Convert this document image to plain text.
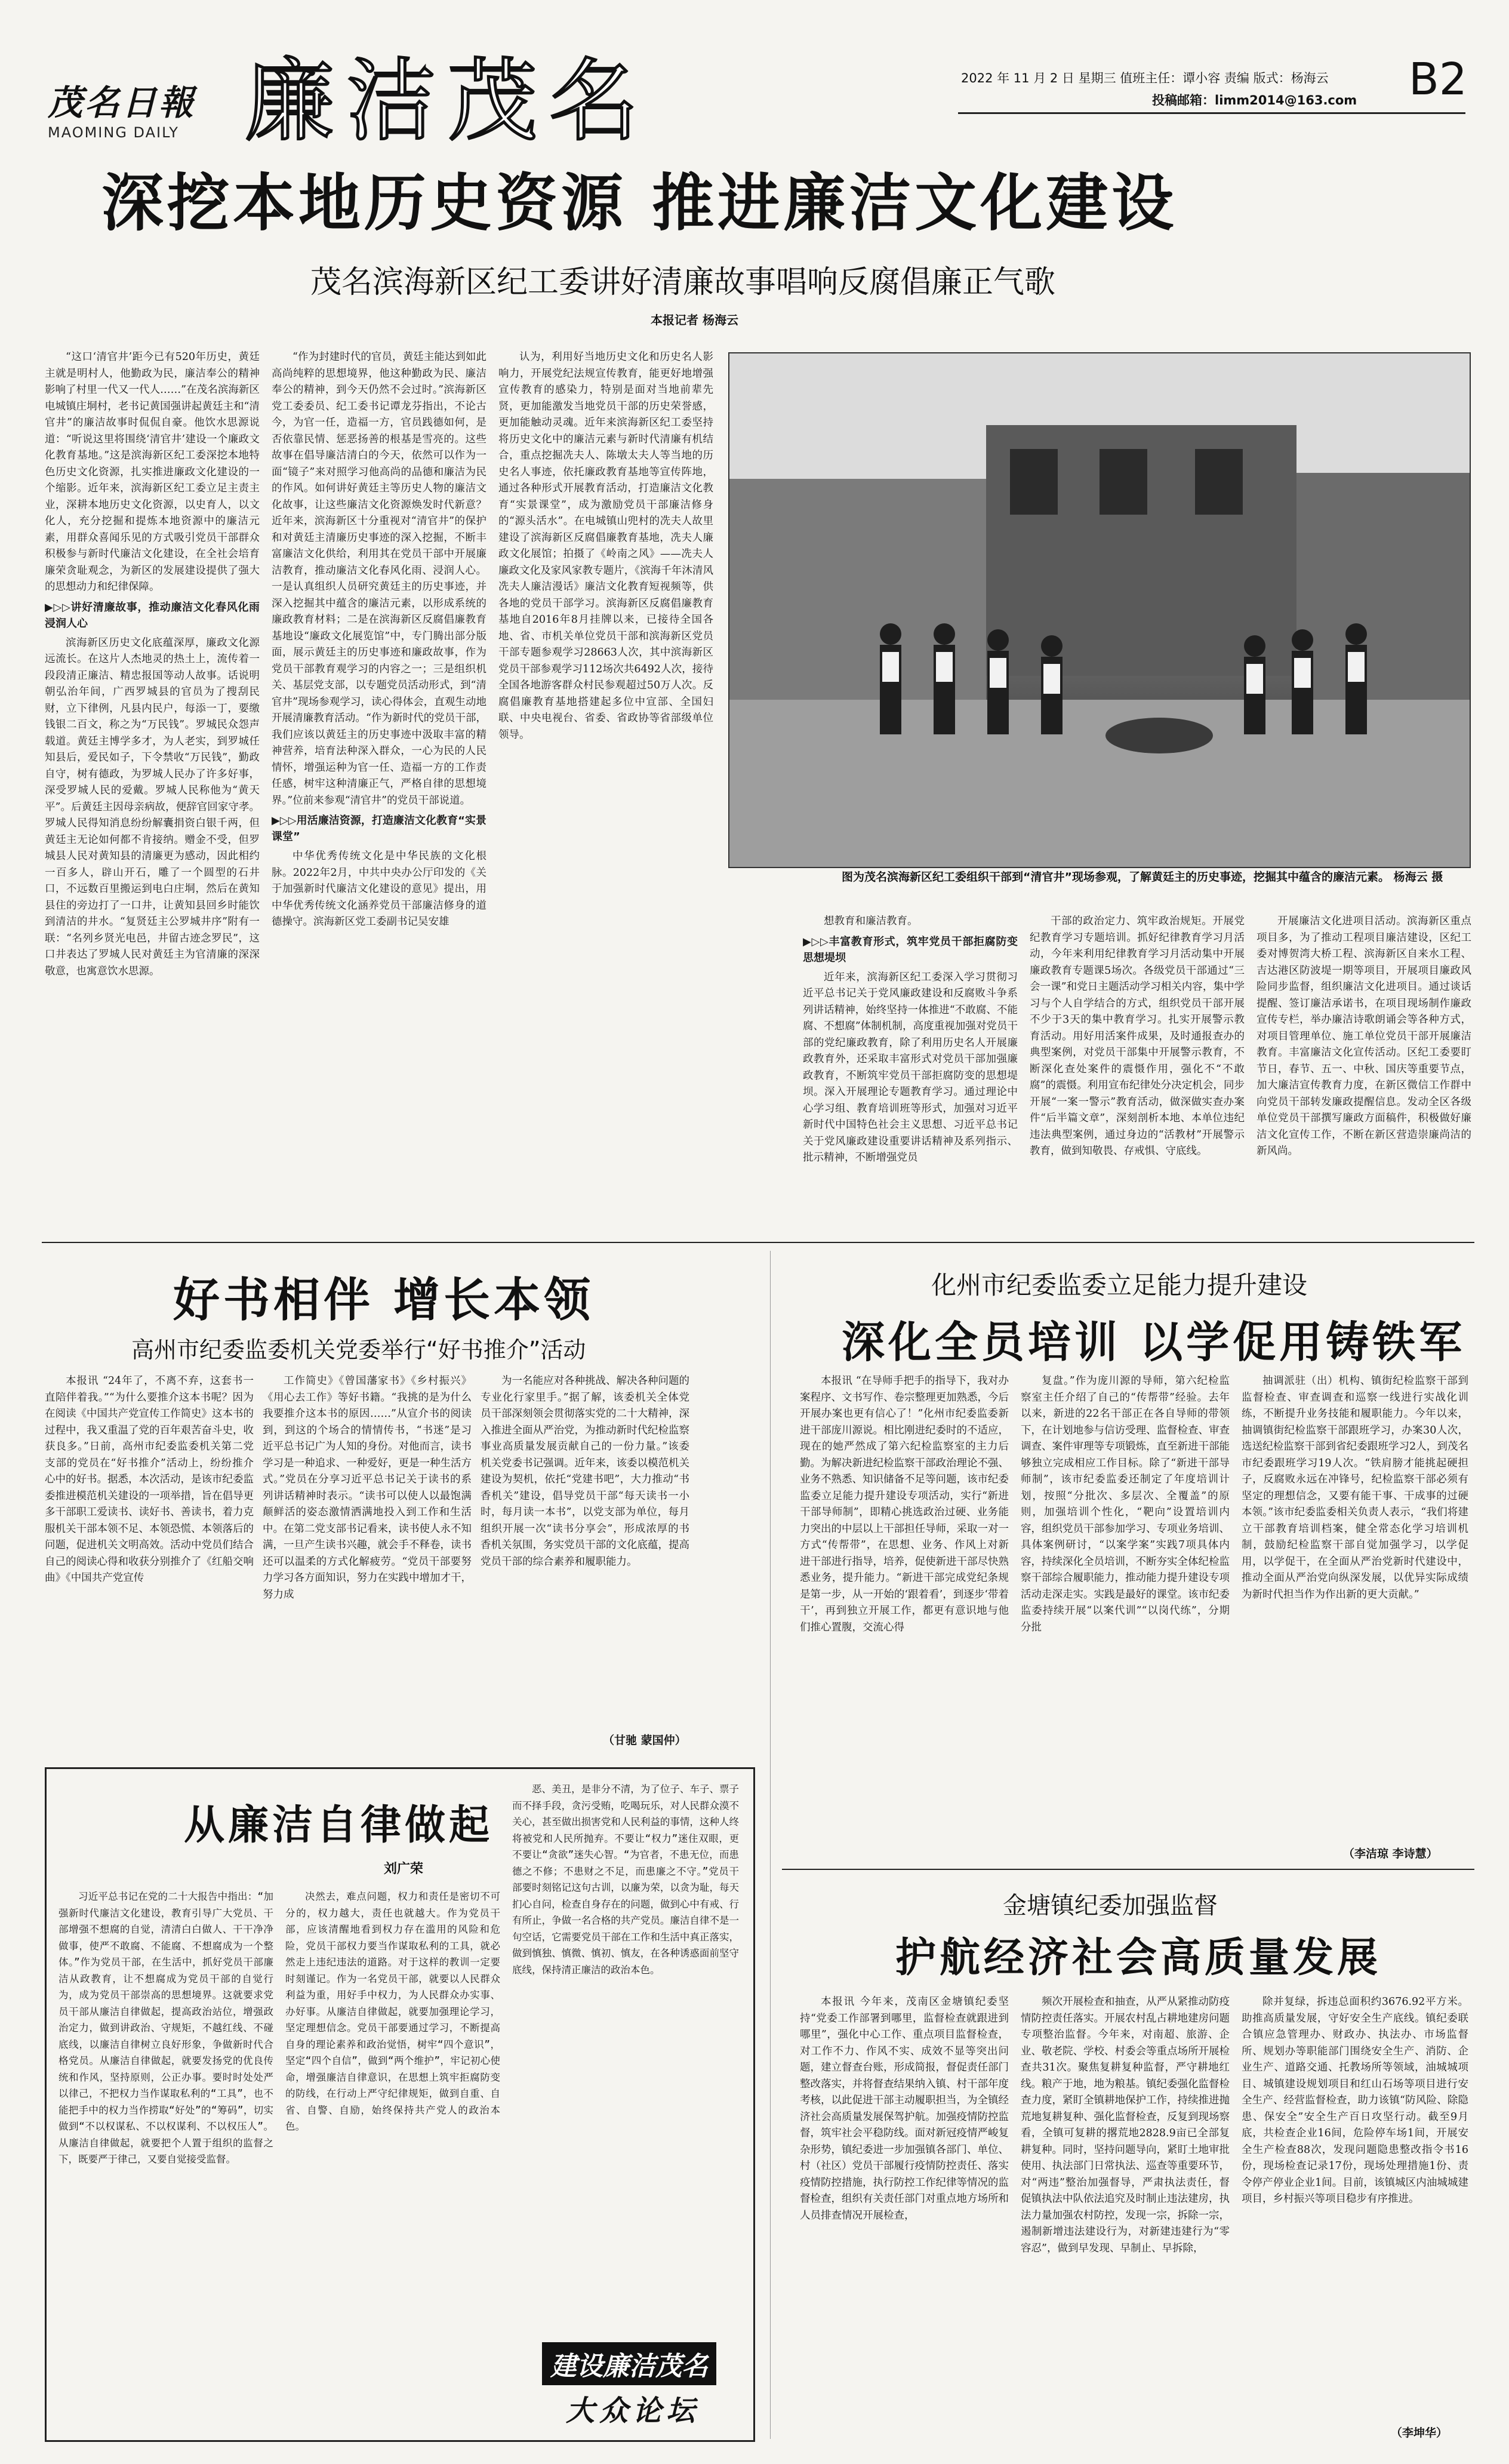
茂名日報
MAOMING DAILY 廉洁茂名	2022 年 11 月 2 日 星期三 值班主任：谭小容 责编 版式：杨海云
投稿邮箱：limm2014@163.com B2
深挖本地历史资源 推进廉洁文化建设
茂名滨海新区纪工委讲好清廉故事唱响反腐倡廉正气歌
本报记者 杨海云

“这口‘清官井’距今已有520年历史，黄廷主就是明村人，他勤政为民，廉洁奉公的精神影响了村里一代又一代人……”在茂名滨海新区电城镇庄垌村，老书记黄国强讲起黄廷主和“清官井”的廉洁故事时侃侃自豪。他饮水思源说道：“听说这里将围绕‘清官井’建设一个廉政文化教育基地。”这是滨海新区纪工委深挖本地特色历史文化资源，扎实推进廉政文化建设的一个缩影。近年来，滨海新区纪工委立足主责主业，深耕本地历史文化资源，以史育人，以文化人，充分挖掘和提炼本地资源中的廉洁元素，用群众喜闻乐见的方式吸引党员干部群众积极参与新时代廉洁文化建设，在全社会培育廉荣贪耻观念，为新区的发展建设提供了强大的思想动力和纪律保障。

▶▷▷讲好清廉故事，推动廉洁文化春风化雨浸润人心

滨海新区历史文化底蕴深厚，廉政文化源远流长。在这片人杰地灵的热土上，流传着一段段清正廉洁、精忠报国等动人故事。话说明朝弘治年间，广西罗城县的官员为了搜刮民财，立下律例，凡县内民户，每添一丁，要缴钱银二百文，称之为“万民钱”。罗城民众怨声载道。黄廷主博学多才，为人老实，到罗城任知县后，爱民如子，下令禁收“万民钱”，勤政自守，树有德政，为罗城人民办了许多好事，深受罗城人民的爱戴。罗城人民称他为“黄天平”。后黄廷主因母亲病故，便辞官回家守孝。罗城人民得知消息纷纷解囊捐资白银千两，但黄廷主无论如何都不肯接纳。赠金不受，但罗城县人民对黄知县的清廉更为感动，因此相约一百多人，辟山开石，雕了一个圆型的石井口，不远数百里搬运到电白庄垌，然后在黄知县住的旁边打了一口井，让黄知县回乡时能饮到清洁的井水。“复贤廷主公罗城井序”附有一联：“名列乡贤光电邑，井留古迹念罗民”，这口井表达了罗城人民对黄廷主为官清廉的深深敬意，也寓意饮水思源。

“作为封建时代的官员，黄廷主能达到如此高尚纯粹的思想境界，他这种勤政为民、廉洁奉公的精神，到今天仍然不会过时。”滨海新区党工委委员、纪工委书记谭龙芬指出，不论古今，为官一任，造福一方，官员践德如何，是否依靠民情、惩恶扬善的根基是雪亮的。这些故事在倡导廉洁清白的今天，依然可以作为一面“镜子”来对照学习他高尚的品德和廉洁为民的作风。如何讲好黄廷主等历史人物的廉洁文化故事，让这些廉洁文化资源焕发时代新意？近年来，滨海新区十分重视对“清官井”的保护和对黄廷主清廉历史事迹的深入挖掘，不断丰富廉洁文化供给，利用其在党员干部中开展廉洁教育，推动廉洁文化春风化雨、浸润人心。一是认真组织人员研究黄廷主的历史事迹，并深入挖掘其中蕴含的廉洁元素，以形成系统的廉政教育材料；二是在滨海新区反腐倡廉教育基地设“廉政文化展览馆”中，专门腾出部分版面，展示黄廷主的历史事迹和廉政故事，作为党员干部教育观学习的内容之一；三是组织机关、基层党支部，以专题党员活动形式，到“清官井”现场参观学习，读心得体会，直观生动地开展清廉教育活动。“作为新时代的党员干部，我们应该以黄廷主的历史事迹中汲取丰富的精神营养，培育法种深入群众，一心为民的人民情怀，增强运种为官一任、造福一方的工作责任感，树牢这种清廉正气，严格自律的思想境界。”位前来参观“清官井”的党员干部说道。

▶▷▷用活廉洁资源，打造廉洁文化教育“实景课堂”

中华优秀传统文化是中华民族的文化根脉。2022年2月，中共中央办公厅印发的《关于加强新时代廉洁文化建设的意见》提出，用中华优秀传统文化涵养党员干部廉洁修身的道德操守。滨海新区党工委副书记吴安雄

认为，利用好当地历史文化和历史名人影响力，开展党纪法规宣传教育，能更好地增强宣传教育的感染力，特别是面对当地前辈先贤，更加能激发当地党员干部的历史荣誉感，更加能触动灵魂。近年来滨海新区纪工委坚持将历史文化中的廉洁元素与新时代清廉有机结合，重点挖掘冼夫人、陈墩太夫人等当地的历史名人事迹，依托廉政教育基地等宣传阵地，通过各种形式开展教育活动，打造廉洁文化教育“实景课堂”，成为激励党员干部廉洁修身的“源头活水”。在电城镇山兜村的冼夫人故里建设了滨海新区反腐倡廉教育基地，冼夫人廉政文化展馆；拍摄了《岭南之风》——冼夫人廉政文化及家风家教专题片，《滨海千年沐清风 冼夫人廉洁漫话》廉洁文化教育短视频等，供各地的党员干部学习。滨海新区反腐倡廉教育基地自2016年8月挂牌以来，已接待全国各地、省、市机关单位党员干部和滨海新区党员干部专题参观学习28663人次，其中滨海新区党员干部参观学习112场次共6492人次，接待全国各地游客群众村民参观超过50万人次。反腐倡廉教育基地搭建起多位中宣部、全国妇联、中央电视台、省委、省政协等省部级单位领导。

图为茂名滨海新区纪工委组织干部到“清官井”现场参观，了解黄廷主的历史事迹，挖掘其中蕴含的廉洁元素。 杨海云 摄

想教育和廉洁教育。

▶▷▷丰富教育形式，筑牢党员干部拒腐防变思想堤坝

近年来，滨海新区纪工委深入学习贯彻习近平总书记关于党风廉政建设和反腐败斗争系列讲话精神，始终坚持一体推进“不敢腐、不能腐、不想腐”体制机制，高度重视加强对党员干部的党纪廉政教育，除了利用历史名人开展廉政教育外，还采取丰富形式对党员干部加强廉政教育，不断筑牢党员干部拒腐防变的思想堤坝。深入开展理论专题教育学习。通过理论中心学习组、教育培训班等形式，加强对习近平新时代中国特色社会主义思想、习近平总书记关于党风廉政建设重要讲话精神及系列指示、批示精神，不断增强党员

干部的政治定力、筑牢政治规矩。开展党纪教育学习专题培训。抓好纪律教育学习月活动，今年来利用纪律教育学习月活动集中开展廉政教育专题课5场次。各级党员干部通过“三会一课”和党日主题活动学习相关内容，集中学习与个人自学结合的方式，组织党员干部开展不少于3天的集中教育学习。扎实开展警示教育活动。用好用活案件成果，及时通报查办的典型案例，对党员干部集中开展警示教育，不断深化查处案件的震慑作用，强化不“不敢腐”的震慑。利用宣布纪律处分决定机会，同步开展“一案一警示”教育活动，做深做实查办案件“后半篇文章”，深刻剖析本地、本单位违纪违法典型案例，通过身边的“活教材”开展警示教育，做到知敬畏、存戒惧、守底线。

开展廉洁文化进项目活动。滨海新区重点项目多，为了推动工程项目廉洁建设，区纪工委对博贺湾大桥工程、滨海新区自来水工程、吉达港区防波堤一期等项目，开展项目廉政风险同步监督，组织廉洁文化进项目。通过谈话提醒、签订廉洁承诺书，在项目现场制作廉政宣传专栏，举办廉洁诗歌朗诵会等各种方式，对项目管理单位、施工单位党员干部开展廉洁教育。丰富廉洁文化宣传活动。区纪工委要盯节日，春节、五一、中秋、国庆等重要节点，加大廉洁宣传教育力度，在新区微信工作群中向党员干部转发廉政提醒信息。发动全区各级单位党员干部撰写廉政方面稿件，积极做好廉洁文化宣传工作，不断在新区营造崇廉尚洁的新风尚。

好书相伴 增长本领
高州市纪委监委机关党委举行“好书推介”活动

本报讯 “24年了，不离不弃，这套书一直陪伴着我。”“为什么要推介这本书呢？因为在阅读《中国共产党宣传工作简史》这本书的过程中，我又重温了党的百年艰苦奋斗史，收获良多。”日前，高州市纪委监委机关第二党支部的党员在“好书推介”活动上，纷纷推介心中的好书。据悉，本次活动，是该市纪委监委推进模范机关建设的一项举措，旨在倡导更多干部职工爱读书、读好书、善读书，着力克服机关干部本领不足、本领恐慌、本领落后的问题，促进机关文明高效。活动中党员们结合自己的阅读心得和收获分别推介了《红船交响曲》《中国共产党宣传

工作简史》《曾国藩家书》《乡村振兴》《用心去工作》等好书籍。“我挑的是为什么我要推介这本书的原因……”从宣介书的阅读到，到这的个场合的情情传书，“书迷”是习近平总书记广为人知的身份。对他而言，读书学习是一种追求、一种爱好，更是一种生活方式。”党员在分享习近平总书记关于读书的系列讲话精神时表示。“读书可以使人以最饱满颠鲜活的姿态激情洒满地投入到工作和生活中。在第二党支部书记看来，读书使人永不知满，一旦产生读书兴趣，就会手不释卷，读书还可以温柔的方式化解疲劳。“党员干部要努力学习各方面知识，努力在实践中增加才干，努力成

为一名能应对各种挑战、解决各种问题的专业化行家里手。”据了解，该委机关全体党员干部深刻领会贯彻落实党的二十大精神，深入推进全面从严治党，为推动新时代纪检监察事业高质量发展贡献自己的一份力量。”该委机关党委书记强调。近年来，该委以模范机关建设为契机，依托“党建书吧”，大力推动“书香机关”建设，倡导党员干部“每天读书一小时，每月读一本书”，以党支部为单位，每月组织开展一次“读书分享会”，形成浓厚的书香机关氛围，务实党员干部的文化底蕴，提高党员干部的综合素养和履职能力。

（甘驰 蒙国仲）
化州市纪委监委立足能力提升建设
深化全员培训 以学促用铸铁军

本报讯 “在导师手把手的指导下，我对办案程序、文书写作、卷宗整理更加熟悉，今后开展办案也更有信心了！”化州市纪委监委新进干部庞川源说。相比刚进纪委时的不适应，现在的她严然成了第六纪检监察室的主力后勤。为解决新进纪检监察干部政治理论不强、业务不熟悉、知识储备不足等问题，该市纪委监委立足能力提升建设专项活动，实行“新进干部导师制”，即精心挑选政治过硬、业务能力突出的中层以上干部担任导师，采取一对一方式“传帮带”，在思想、业务、作风上对新进干部进行指导，培养，促使新进干部尽快熟悉业务，提升能力。“新进干部完成党纪条规是第一步，从一开始的‘跟着看’，到逐步‘带着干’，再到独立开展工作，都更有意识地与他们推心置腹，交流心得

复盘。”作为庞川源的导师，第六纪检监察室主任介绍了自己的“传帮带”经验。去年以来，新进的22名干部正在各自导师的带领下，在计划地参与信访受理、监督检查、审查调查、案件审理等专项锻炼，直至新进干部能够独立完成相应工作目标。除了“新进干部导师制”，该市纪委监委还制定了年度培训计划，按照“分批次、多层次、全覆盖”的原则，加强培训个性化，“靶向”设置培训内容，组织党员干部参加学习、专项业务培训、具体案例研讨，“以案学案”实践7项具体内容，持续深化全员培训，不断夯实全体纪检监察干部综合履职能力，推动能力提升建设专项活动走深走实。实践是最好的课堂。该市纪委监委持续开展“以案代训”“以岗代练”，分期分批

抽调派驻（出）机构、镇街纪检监察干部到监督检查、审查调查和巡察一线进行实战化训练，不断提升业务技能和履职能力。今年以来，抽调镇街纪检监察干部跟班学习，办案30人次，选送纪检监察干部到省纪委跟班学习2人，到茂名市纪委跟班学习19人次。“铁肩膀才能挑起硬担子，反腐败永远在冲锋号，纪检监察干部必须有坚定的理想信念，又要有能干事、干成事的过硬本领。”该市纪委监委相关负责人表示，“我们将建立干部教育培训档案，健全常态化学习培训机制，鼓励纪检监察干部自觉加强学习，以学促用，以学促干，在全面从严治党新时代建设中，推动全面从严治党向纵深发展，以优异实际成绩为新时代担当作为作出新的更大贡献。”

（李洁琼 李诗慧）
从廉洁自律做起
刘广荣

习近平总书记在党的二十大报告中指出：“加强新时代廉洁文化建设，教育引导广大党员、干部增强不想腐的自觉，清清白白做人、干干净净做事，使严不敢腐、不能腐、不想腐成为一个整体。”作为党员干部，在生活中，抓好党员干部廉洁从政教育，让不想腐成为党员干部的自觉行为，成为党员干部崇高的思想境界。这就要求党员干部从廉洁自律做起，提高政治站位，增强政治定力，做到讲政治、守规矩，不越红线、不碰底线，以廉洁自律树立良好形象，争做新时代合格党员。从廉洁自律做起，就要发扬党的优良传统和作风，坚持原则，公正办事。要时时处处严以律己，不把权力当作谋取私利的“工具”，也不能把手中的权力当作捞取“好处”的“筹码”，切实做到“不以权谋私、不以权谋利、不以权压人”。从廉洁自律做起，就要把个人置于组织的监督之下，既要严于律己，又要自觉接受监督。

决然去，难点问题，权力和责任是密切不可分的，权力越大，责任也就越大。作为党员干部，应该清醒地看到权力存在滥用的风险和危险，党员干部权力要当作谋取私利的工具，就必然走上违纪违法的道路。对于这样的教训一定要时刻谨记。作为一名党员干部，就要以人民群众利益为重，用好手中权力，为人民群众办实事、办好事。从廉洁自律做起，就要加强理论学习，坚定理想信念。党员干部要通过学习，不断提高自身的理论素养和政治觉悟，树牢“四个意识”，坚定“四个自信”，做到“两个维护”，牢记初心使命，增强廉洁自律意识，在思想上筑牢拒腐防变的防线，在行动上严守纪律规矩，做到自重、自省、自警、自励，始终保持共产党人的政治本色。

恶、美丑，是非分不清，为了位子、车子、票子而不择手段，贪污受贿，吃喝玩乐，对人民群众漠不关心，甚至做出损害党和人民利益的事情，这种人终将被党和人民所抛弃。不要让“权力”迷住双眼，更不要让“贪欲”迷失心智。“为官者，不患无位，而患德之不修；不患财之不足，而患廉之不守。”党员干部要时刻铭记这句古训，以廉为荣，以贪为耻，每天扪心自问，检查自身存在的问题，做到心中有戒、行有所止，争做一名合格的共产党员。廉洁自律不是一句空话，它需要党员干部在工作和生活中真正落实，做到慎独、慎微、慎初、慎友，在各种诱惑面前坚守底线，保持清正廉洁的政治本色。

建设廉洁茂名
大众论坛
金塘镇纪委加强监督
护航经济社会高质量发展

本报讯 今年来，茂南区金塘镇纪委坚持“党委工作部署到哪里，监督检查就跟进到哪里”，强化中心工作、重点项目监督检查，对工作不力、作风不实、成效不显等突出问题，建立督查台账，形成简报，督促责任部门整改落实，并将督查结果纳入镇、村干部年度考核，以此促进干部主动履职担当，为全镇经济社会高质量发展保驾护航。加强疫情防控监督，筑牢社会平稳防线。面对新冠疫情严峻复杂形势，镇纪委进一步加强镇各部门、单位、村（社区）党员干部履行疫情防控责任、落实疫情防控措施，执行防控工作纪律等情况的监督检查，组织有关责任部门对重点地方场所和人员排查情况开展检查，

频次开展检查和抽查，从严从紧推动防疫情防控责任落实。开展农村乱占耕地建房问题专项整治监督。今年来，对南超、旅游、企业、敬老院、学校、村委会等重点场所开展检查共31次。聚焦复耕复种监督，严守耕地红线。粮产于地，地为粮基。镇纪委强化监督检查力度，紧盯全镇耕地保护工作，持续推进抛荒地复耕复种、强化监督检查，反复到现场察看，全镇可复耕的撂荒地2828.9亩已全部复耕复种。同时，坚持问题导向，紧盯土地审批使用、执法部门日常执法、巡查等重要环节，对“两违”整治加强督导，严肃执法责任，督促镇执法中队依法追究及时制止违法建房，执法力量加强农村防控，发现一宗，拆除一宗，遏制新增违法建设行为，对新建违建行为“零容忍”，做到早发现、早制止、早拆除，

除并复绿，拆违总面积约3676.92平方米。助推高质量发展，守好安全生产底线。镇纪委联合镇应急管理办、财政办、执法办、市场监督所、规划办等职能部门围绕安全生产、消防、企业生产、道路交通、托教场所等领域，油城城项目、城镇建设规划项目和红山石场等项目进行安全生产、经营监督检查，助力该镇“防风险、除隐患、保安全”安全生产百日攻坚行动。截至9月底，共检查企业16间，危险停车场1间，开展安全生产检查88次，发现问题隐患整改指令书16份，现场检查记录17份，现场处理措施1份、责令停产停业企业1间。目前，该镇城区内油城城建项目，乡村振兴等项目稳步有序推进。

（李坤华）
